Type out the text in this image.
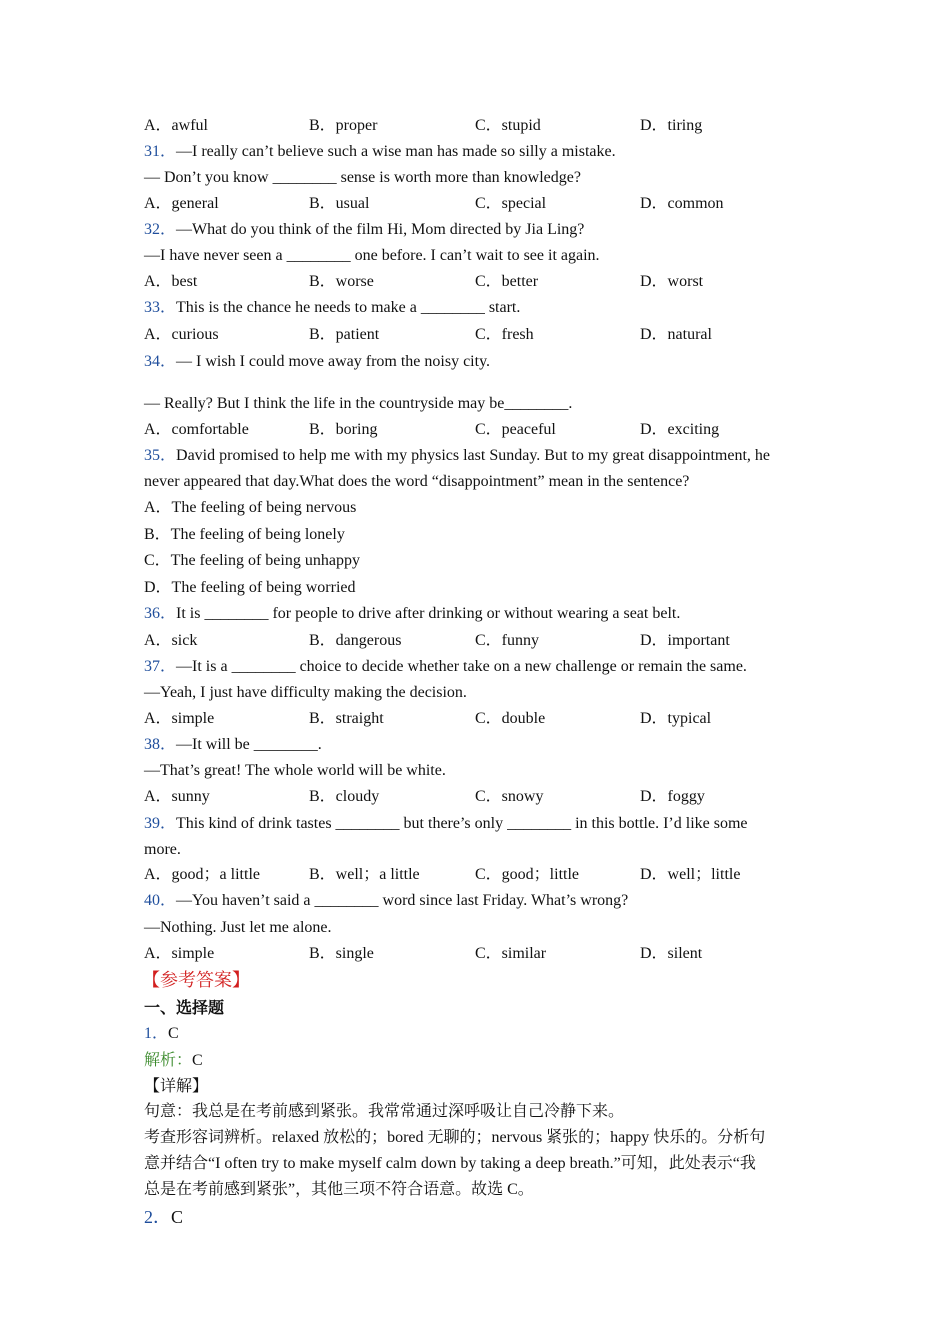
A．awful	B．proper	C．stupid	D．tiring
31．—I really can’t believe such a wise man has made so silly a mistake.
— Don’t you know ________ sense is worth more than knowledge?
A．general	B．usual	C．special	D．common
32．—What do you think of the film Hi, Mom directed by Jia Ling?
—I have never seen a ________ one before. I can’t wait to see it again.
A．best	B．worse	C．better	D．worst
33．This is the chance he needs to make a ________ start.
A．curious	B．patient	C．fresh	D．natural
34．— I wish I could move away from the noisy city.
— Really? But I think the life in the countryside may be________.
A．comfortable	B．boring	C．peaceful	D．exciting
35．David promised to help me with my physics last Sunday. But to my great disappointment, he
never appeared that day.What does the word “disappointment” mean in the sentence?
A．The feeling of being nervous
B．The feeling of being lonely
C．The feeling of being unhappy
D．The feeling of being worried
36．It is ________ for people to drive after drinking or without wearing a seat belt.
A．sick	B．dangerous	C．funny	D．important
37．—It is a ________ choice to decide whether take on a new challenge or remain the same.
—Yeah, I just have difficulty making the decision.
A．simple	B．straight	C．double	D．typical
38．—It will be ________.
—That’s great! The whole world will be white.
A．sunny	B．cloudy	C．snowy	D．foggy
39．This kind of drink tastes ________ but there’s only ________ in this bottle. I’d like some
more.
A．good；a little	B．well；a little	C．good；little	D．well；little
40．—You haven’t said a ________ word since last Friday. What’s wrong?
—Nothing. Just let me alone.
A．simple	B．single	C．similar	D．silent
【参考答案】
一、选择题
1．C
解析：C
【详解】
句意：我总是在考前感到紧张。我常常通过深呼吸让自己冷静下来。
考查形容词辨析。relaxed 放松的；bored 无聊的；nervous 紧张的；happy 快乐的。分析句
意并结合“I often try to make myself calm down by taking a deep breath.”可知，此处表示“我
总是在考前感到紧张”，其他三项不符合语意。故选 C。
2．C
